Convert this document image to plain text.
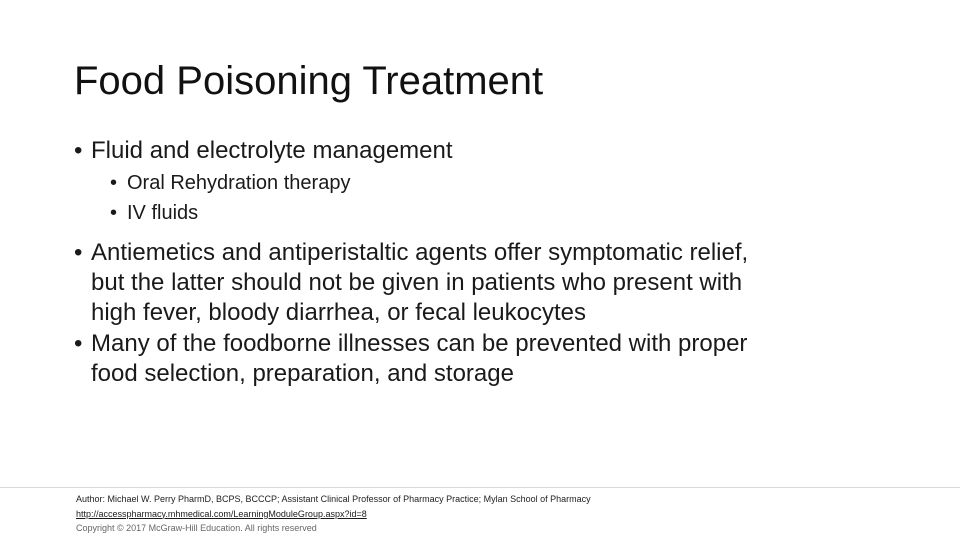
Food Poisoning Treatment

• Fluid and electrolyte management

• Oral Rehydration therapy

• IV fluids

• Antiemetics and antiperistaltic agents offer symptomatic relief,
but the latter should not be given in patients who present with
high fever, bloody diarrhea, or fecal leukocytes

• Many of the foodborne illnesses can be prevented with proper
food selection, preparation, and storage

Author: Michael W. Perry PharmD, BCPS, BCCCP; Assistant Clinical Professor of Pharmacy Practice; Mylan School of Pharmacy
http://accesspharmacy.mhmedical.com/LearningModuleGroup.aspx?id=8
Copyright © 2017 McGraw-Hill Education. All rights reserved
